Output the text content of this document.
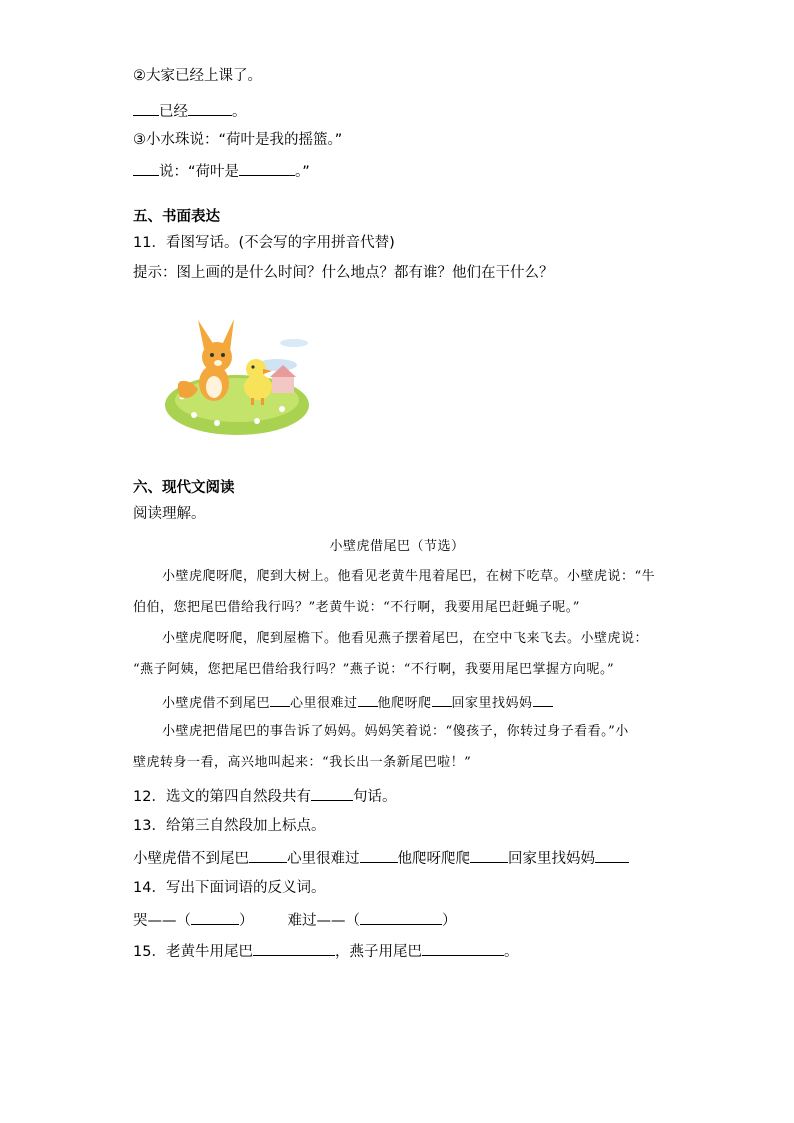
②大家已经上课了。
已经	。
③小水珠说：“荷叶是我的摇篮。”
说：“荷叶是	。”
五、书面表达
11．看图写话。(不会写的字用拼音代替)
提示：图上画的是什么时间？什么地点？都有谁？他们在干什么？
六、现代文阅读
阅读理解。
小壁虎借尾巴（节选）
小壁虎爬呀爬，爬到大树上。他看见老黄牛甩着尾巴，在树下吃草。小壁虎说：“牛
伯伯，您把尾巴借给我行吗？”老黄牛说：“不行啊，我要用尾巴赶蝇子呢。”
小壁虎爬呀爬，爬到屋檐下。他看见燕子摆着尾巴，在空中飞来飞去。小壁虎说：
“燕子阿姨，您把尾巴借给我行吗？”燕子说：“不行啊，我要用尾巴掌握方向呢。”
小壁虎借不到尾巴 心里很难过 他爬呀爬 回家里找妈妈
小壁虎把借尾巴的事告诉了妈妈。妈妈笑着说：“傻孩子，你转过身子看看。”小
壁虎转身一看，高兴地叫起来：“我长出一条新尾巴啦！”
12．选文的第四自然段共有	句话。
13．给第三自然段加上标点。
小壁虎借不到尾巴	心里很难过	他爬呀爬爬	回家里找妈妈
14．写出下面词语的反义词。
哭——（	） 难过——（	）
15．老黄牛用尾巴	，燕子用尾巴	。
